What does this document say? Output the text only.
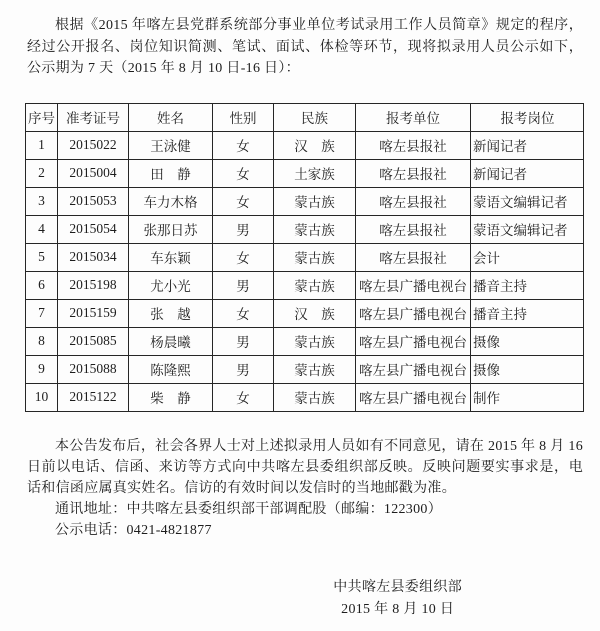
根据《2015 年喀左县党群系统部分事业单位考试录用工作人员简章》规定的程序，经过公开报名、岗位知识简测、笔试、面试、体检等环节，现将拟录用人员公示如下，公示期为 7 天（2015 年 8 月 10 日-16 日）：

序号	准考证号	姓名	性别	民族	报考单位	报考岗位
1	2015022	王泳健	女	汉　族	喀左县报社	新闻记者
2	2015004	田　静	女	土家族	喀左县报社	新闻记者
3	2015053	车力木格	女	蒙古族	喀左县报社	蒙语文编辑记者
4	2015054	张那日苏	男	蒙古族	喀左县报社	蒙语文编辑记者
5	2015034	车东颖	女	蒙古族	喀左县报社	会计
6	2015198	尤小光	男	蒙古族	喀左县广播电视台	播音主持
7	2015159	张　越	女	汉　族	喀左县广播电视台	播音主持
8	2015085	杨晨曦	男	蒙古族	喀左县广播电视台	摄像
9	2015088	陈隆熙	男	蒙古族	喀左县广播电视台	摄像
10	2015122	柴　静	女	蒙古族	喀左县广播电视台	制作

本公告发布后，社会各界人士对上述拟录用人员如有不同意见，请在 2015 年 8 月 16 日前以电话、信函、来访等方式向中共喀左县委组织部反映。反映问题要实事求是，电话和信函应属真实姓名。信访的有效时间以发信时的当地邮戳为准。

通讯地址：中共喀左县委组织部干部调配股（邮编：122300）

公示电话：0421-4821877

中共喀左县委组织部
2015 年 8 月 10 日
